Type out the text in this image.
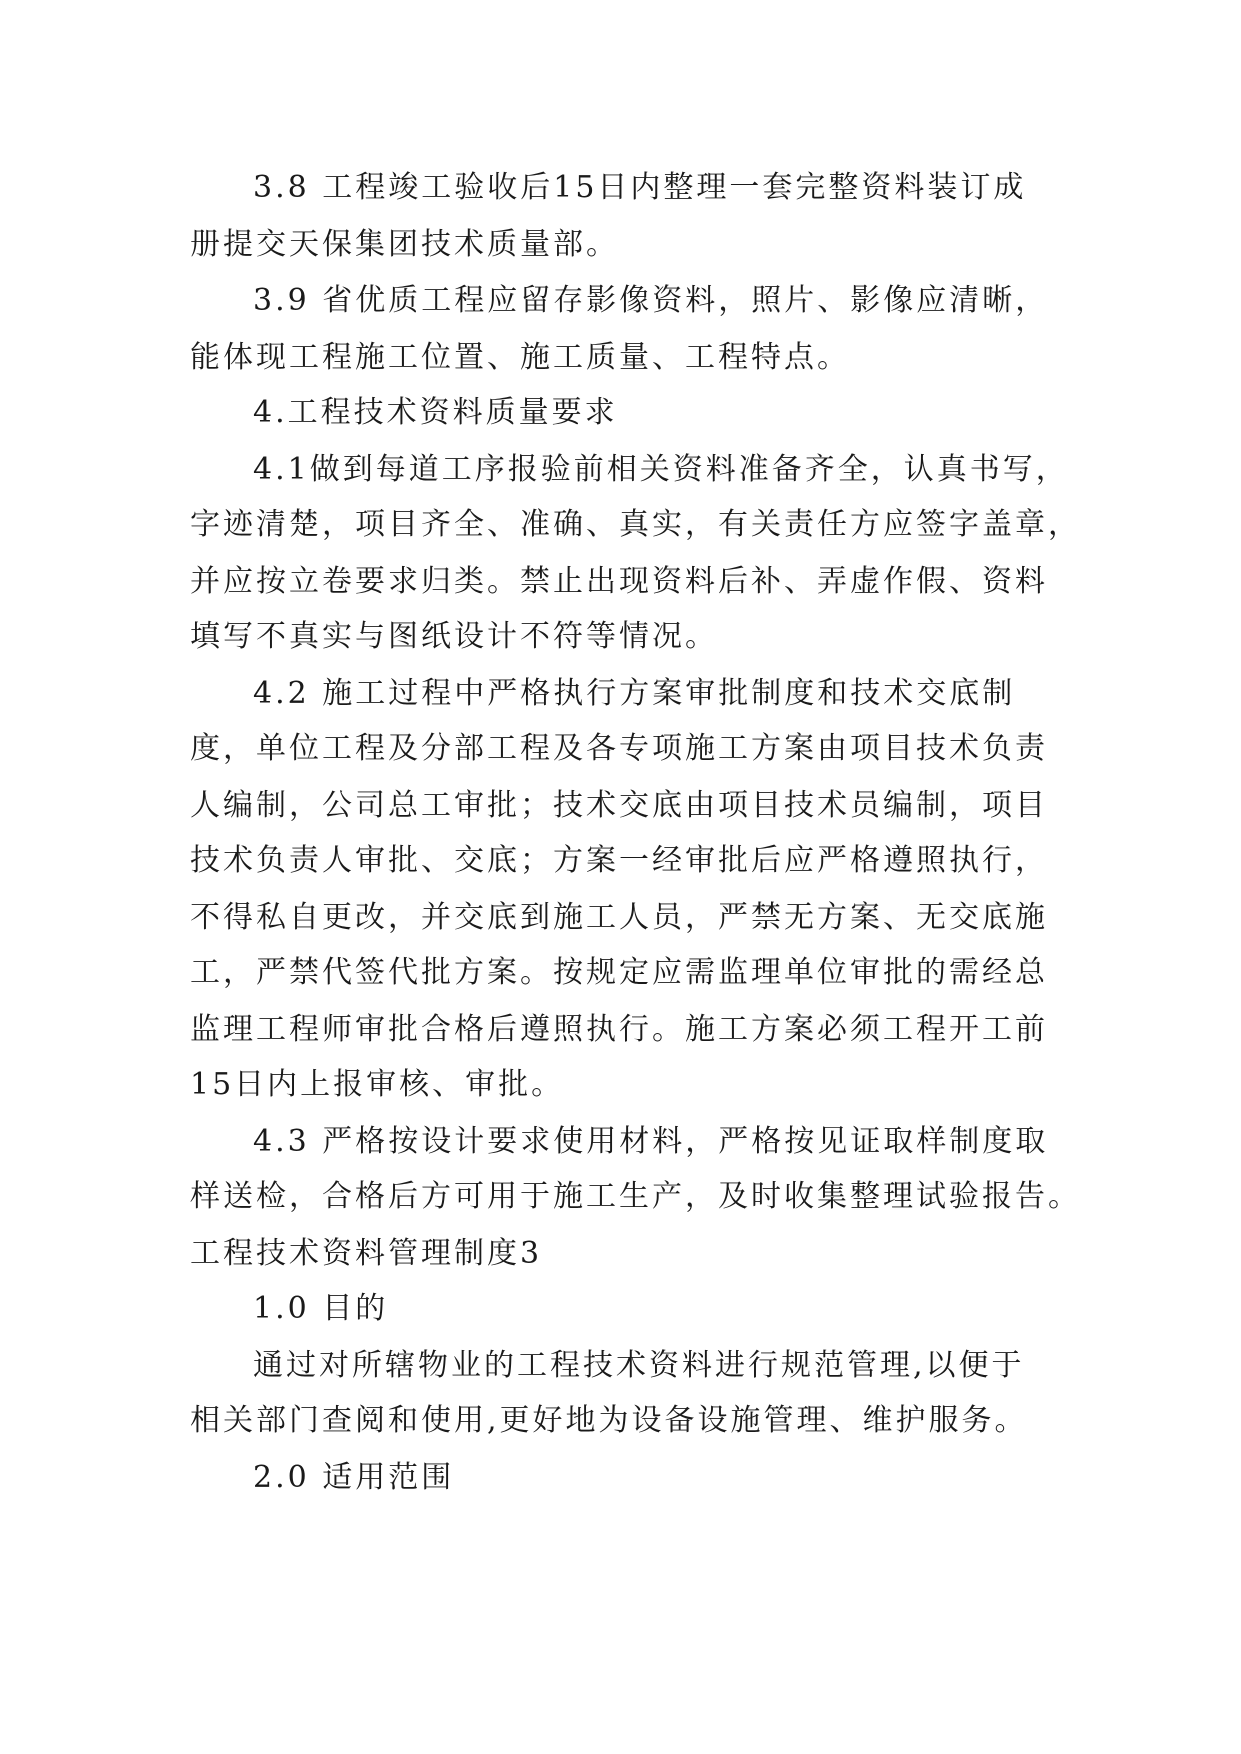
3.8 工程竣工验收后15日内整理一套完整资料装订成
册提交天保集团技术质量部。
3.9 省优质工程应留存影像资料，照片、影像应清晰，
能体现工程施工位置、施工质量、工程特点。
4.工程技术资料质量要求
4.1做到每道工序报验前相关资料准备齐全，认真书写，
字迹清楚，项目齐全、准确、真实，有关责任方应签字盖章，
并应按立卷要求归类。禁止出现资料后补、弄虚作假、资料
填写不真实与图纸设计不符等情况。
4.2 施工过程中严格执行方案审批制度和技术交底制
度，单位工程及分部工程及各专项施工方案由项目技术负责
人编制，公司总工审批；技术交底由项目技术员编制，项目
技术负责人审批、交底；方案一经审批后应严格遵照执行，
不得私自更改，并交底到施工人员，严禁无方案、无交底施
工，严禁代签代批方案。按规定应需监理单位审批的需经总
监理工程师审批合格后遵照执行。施工方案必须工程开工前
15日内上报审核、审批。
4.3 严格按设计要求使用材料，严格按见证取样制度取
样送检，合格后方可用于施工生产，及时收集整理试验报告。
工程技术资料管理制度3
1.0 目的
通过对所辖物业的工程技术资料进行规范管理,以便于
相关部门查阅和使用,更好地为设备设施管理、维护服务。
2.0 适用范围
